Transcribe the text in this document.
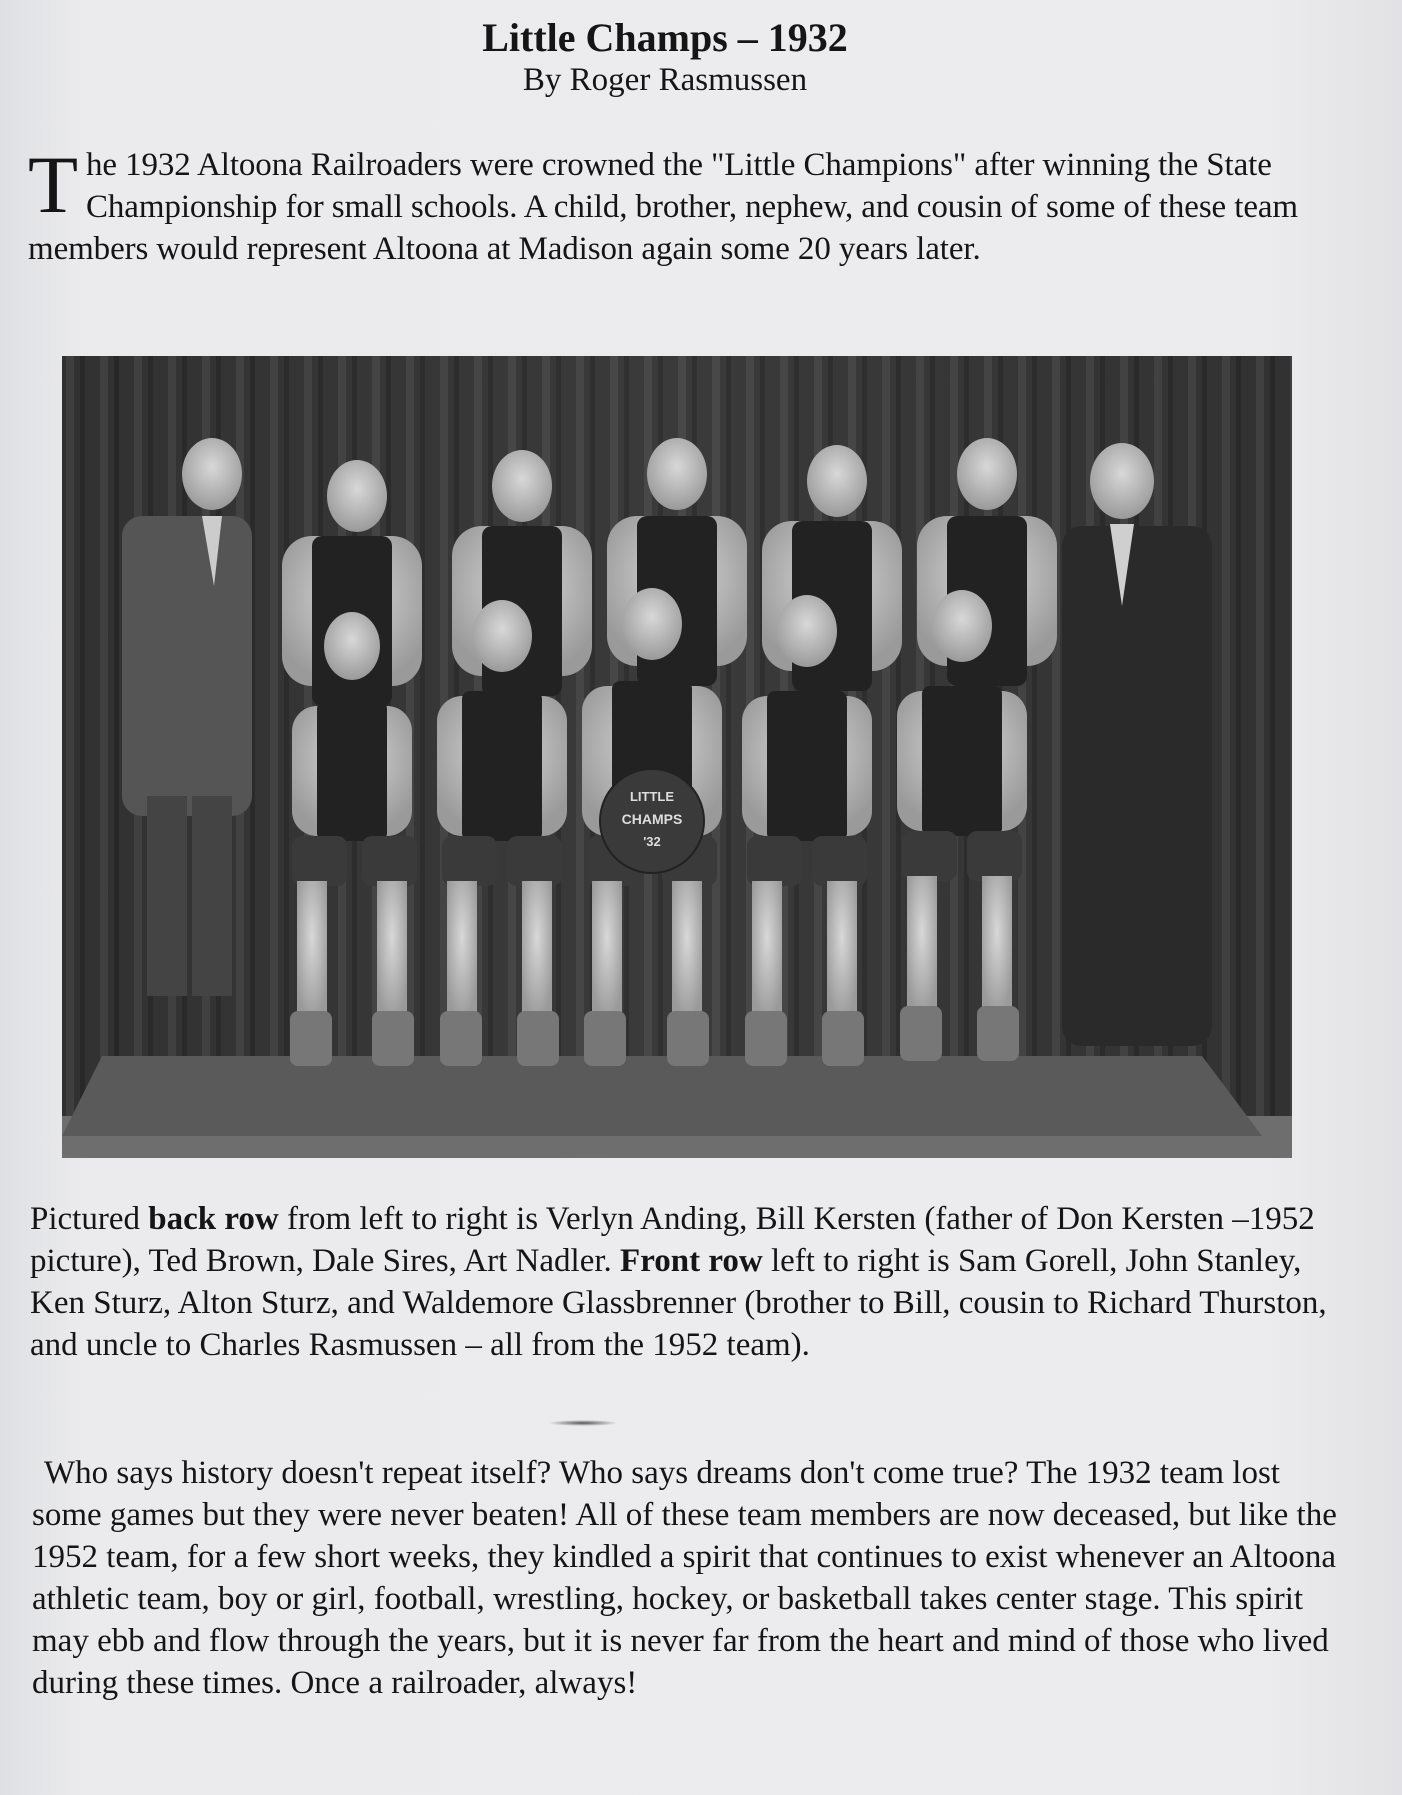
Little Champs – 1932
By Roger Rasmussen
The 1932 Altoona Railroaders were crowned the "Little Champions" after winning the State Championship for small schools. A child, brother, nephew, and cousin of some of these team members would represent Altoona at Madison again some 20 years later.
LITTLE
CHAMPS
'32
Pictured back row from left to right is Verlyn Anding, Bill Kersten (father of Don Kersten –1952 picture), Ted Brown, Dale Sires, Art Nadler. Front row left to right is Sam Gorell, John Stanley, Ken Sturz, Alton Sturz, and Waldemore Glassbrenner (brother to Bill, cousin to Richard Thurston, and uncle to Charles Rasmussen – all from the 1952 team).
Who says history doesn't repeat itself? Who says dreams don't come true? The 1932 team lost some games but they were never beaten! All of these team members are now deceased, but like the 1952 team, for a few short weeks, they kindled a spirit that continues to exist whenever an Altoona athletic team, boy or girl, football, wrestling, hockey, or basketball takes center stage. This spirit may ebb and flow through the years, but it is never far from the heart and mind of those who lived during these times. Once a railroader, always!
